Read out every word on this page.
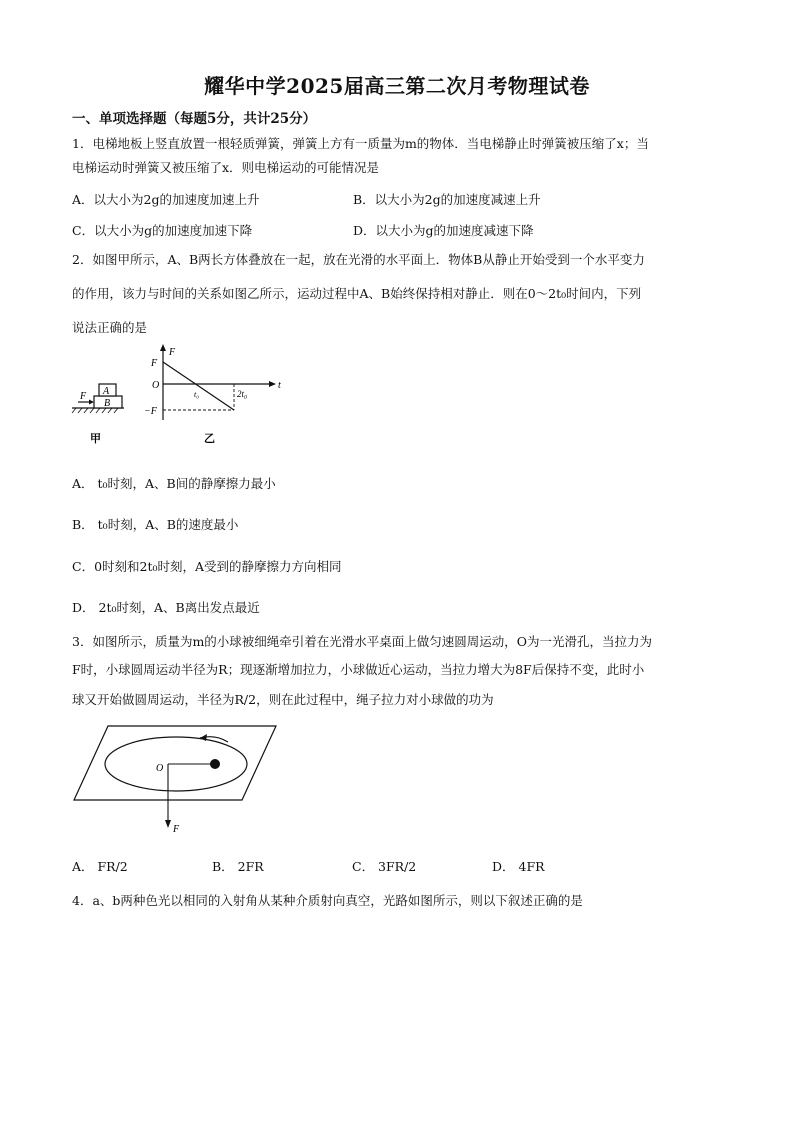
耀华中学2025届高三第二次月考物理试卷
一、单项选择题（每题5分，共计25分）
1．电梯地板上竖直放置一根轻质弹簧，弹簧上方有一质量为m的物体．当电梯静止时弹簧被压缩了x；当
电梯运动时弹簧又被压缩了x．则电梯运动的可能情况是
A．以大小为2g的加速度加速上升	B．以大小为2g的加速度减速上升
C．以大小为g的加速度加速下降	D．以大小为g的加速度减速下降
2．如图甲所示，A、B两长方体叠放在一起，放在光滑的水平面上．物体B从静止开始受到一个水平变力
的作用，该力与时间的关系如图乙所示，运动过程中A、B始终保持相对静止．则在0～2t₀时间内，下列
说法正确的是
A
B
F
甲
F
F
O
−F
t₀	2t₀
t
乙
A． t₀时刻，A、B间的静摩擦力最小
B． t₀时刻，A、B的速度最小
C．0时刻和2t₀时刻，A受到的静摩擦力方向相同
D． 2t₀时刻，A、B离出发点最近
3．如图所示，质量为m的小球被细绳牵引着在光滑水平桌面上做匀速圆周运动，O为一光滑孔，当拉力为
F时，小球圆周运动半径为R；现逐渐增加拉力，小球做近心运动，当拉力增大为8F后保持不变，此时小
球又开始做圆周运动，半径为R/2，则在此过程中，绳子拉力对小球做的功为
O
F
A． FR/2	B． 2FR	C． 3FR/2	D． 4FR
4．a、b两种色光以相同的入射角从某种介质射向真空，光路如图所示，则以下叙述正确的是
